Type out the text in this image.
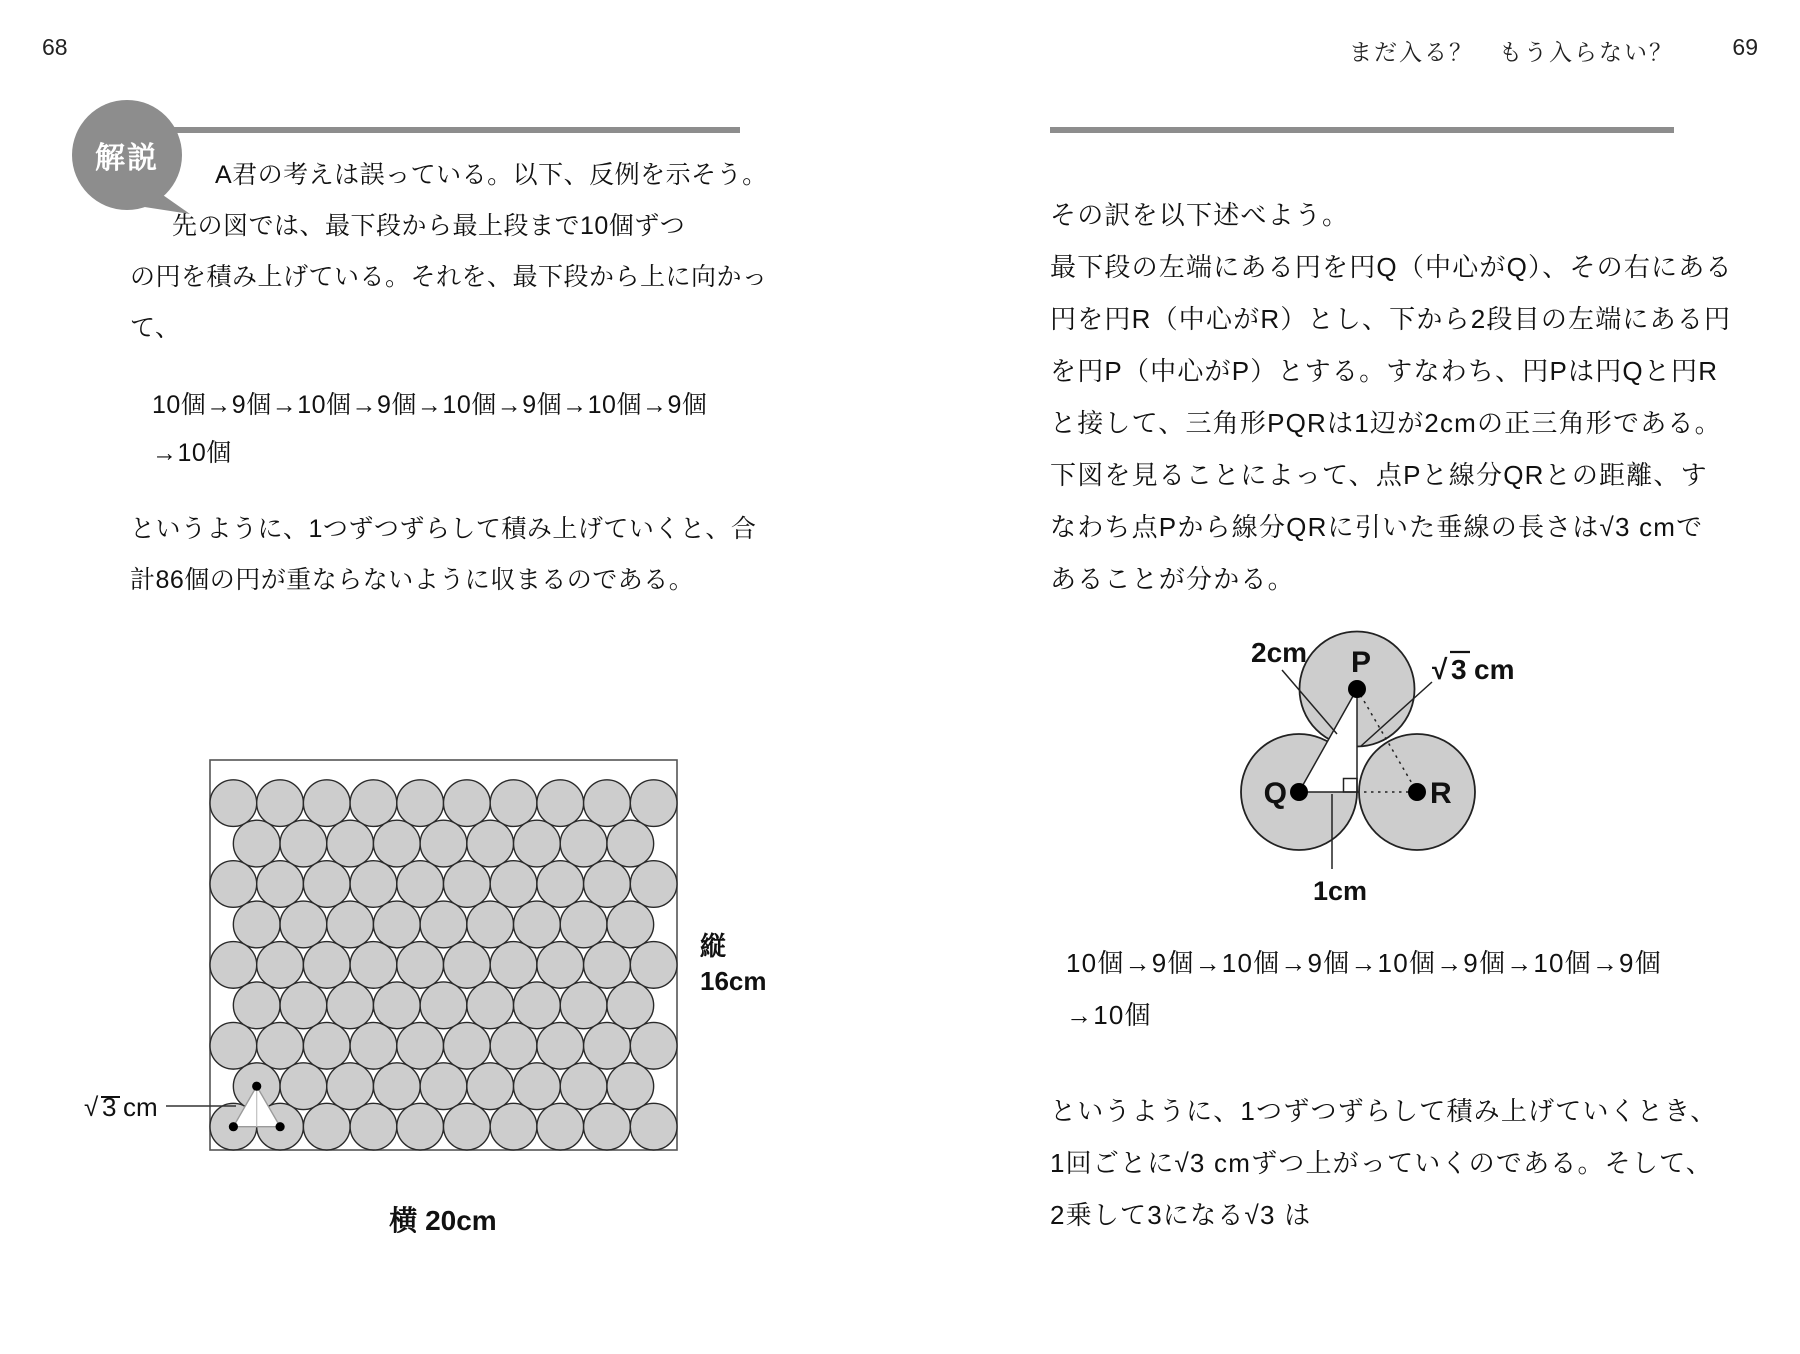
68	まだ入る？　もう入らない？	69
解説 A君の考えは誤っている。以下、反例を示そう。
先の図では、最下段から最上段まで10個ずつ
の円を積み上げている。それを、最下段から上に向かっ
て、
10個→9個→10個→9個→10個→9個→10個→9個
→10個
というように、1つずつずらして積み上げていくと、合
計86個の円が重ならないように収まるのである。
√ 3 cm
縦
16cm
横 20cm
その訳を以下述べよう。
最下段の左端にある円を円Q（中心がQ）、その右にある
円を円R（中心がR）とし、下から2段目の左端にある円
を円P（中心がP）とする。すなわち、円Pは円Qと円R
と接して、三角形PQRは1辺が2cmの正三角形である。
下図を見ることによって、点Pと線分QRとの距離、す
なわち点Pから線分QRに引いた垂線の長さは√3 cmで
あることが分かる。
P
Q	R
2cm
√ 3 cm
1cm
10個→9個→10個→9個→10個→9個→10個→9個
→10個
というように、1つずつずらして積み上げていくとき、
1回ごとに√3 cmずつ上がっていくのである。そして、
2乗して3になる√3 は
